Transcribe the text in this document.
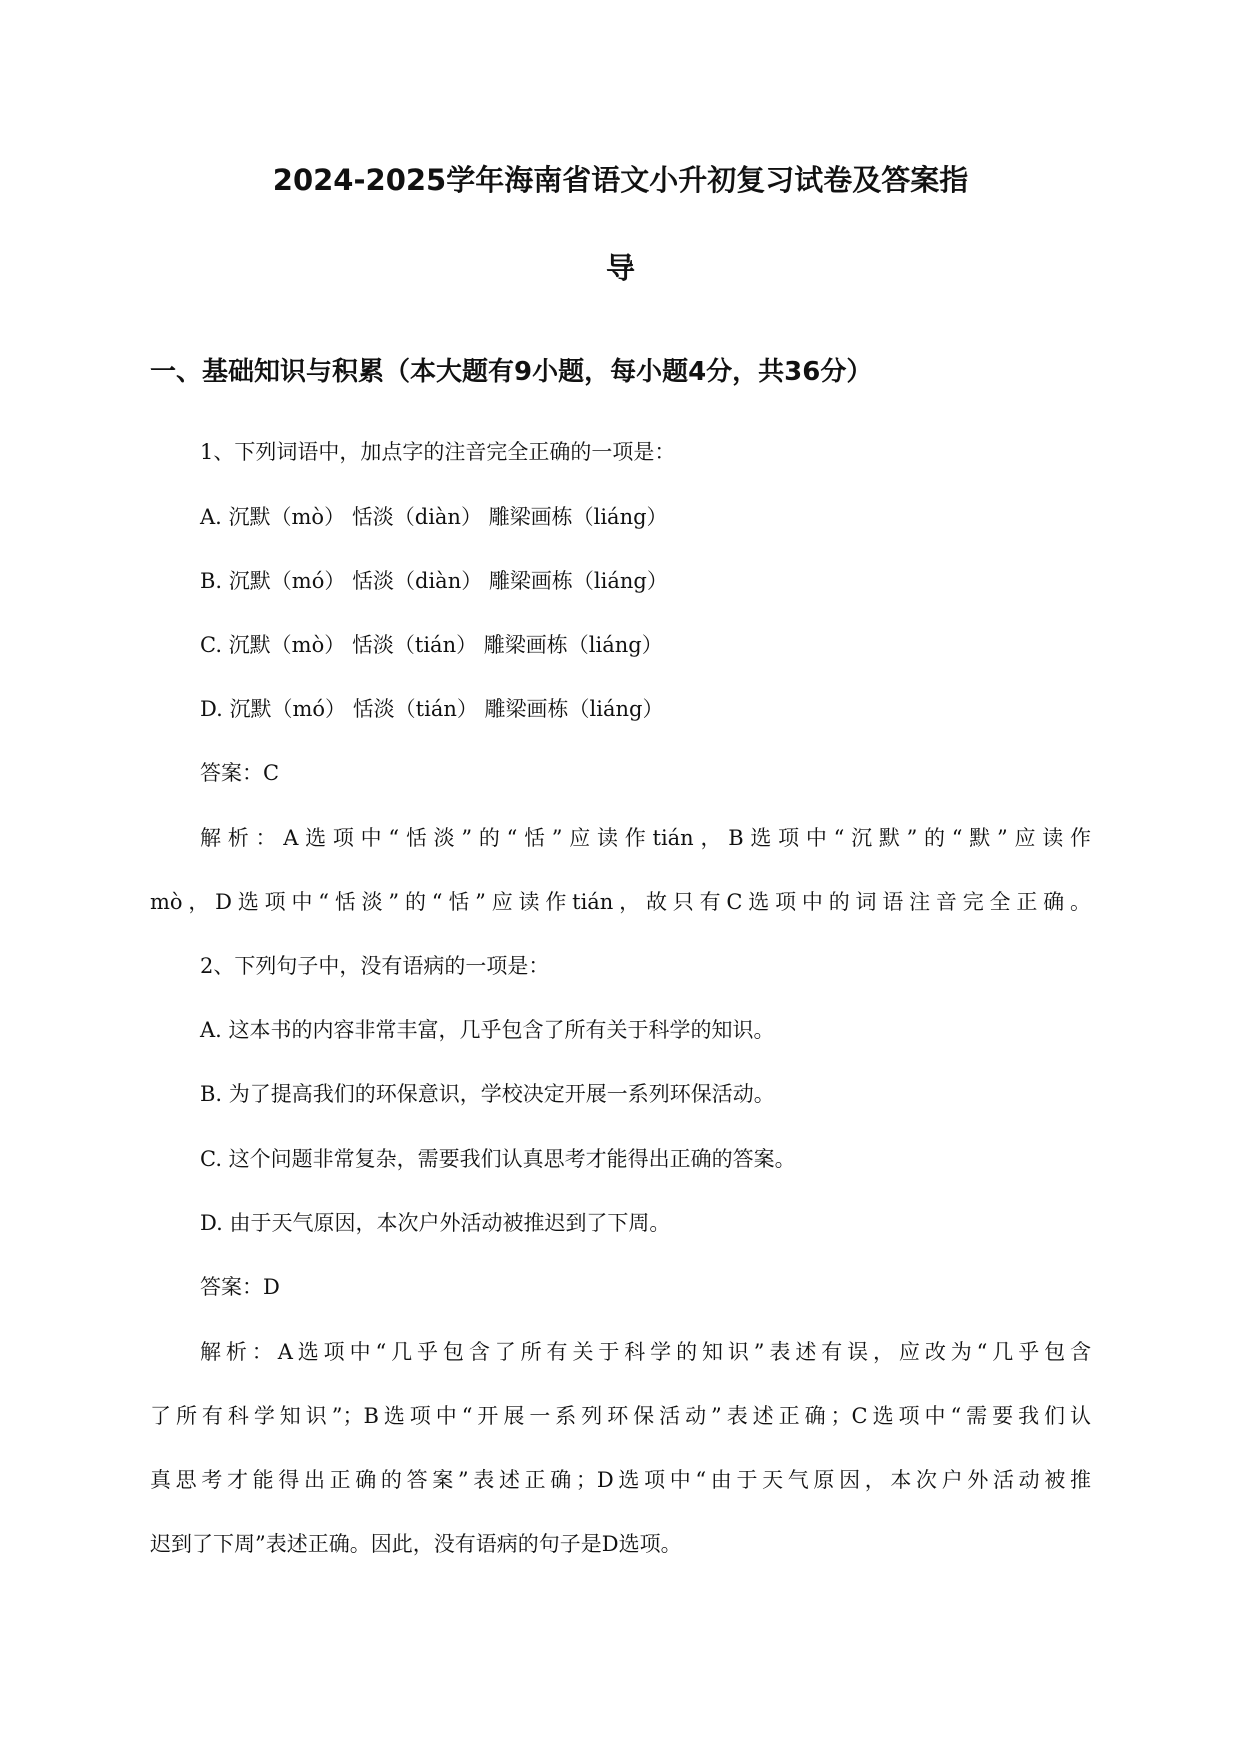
2024-2025学年海南省语文小升初复习试卷及答案指
导
一、基础知识与积累（本大题有9小题，每小题4分，共36分）

1、下列词语中，加点字的注音完全正确的一项是：

A. 沉默（mò） 恬淡（diàn） 雕梁画栋（liáng）

B. 沉默（mó） 恬淡（diàn） 雕梁画栋（liáng）

C. 沉默（mò） 恬淡（tián） 雕梁画栋（liáng）

D. 沉默（mó） 恬淡（tián） 雕梁画栋（liáng）

答案：C

解析：A选项中“恬淡”的“恬”应读作tián，B选项中“沉默”的“默”应读作

mò，D选项中“恬淡”的“恬”应读作tián，故只有C选项中的词语注音完全正确。

2、下列句子中，没有语病的一项是：

A. 这本书的内容非常丰富，几乎包含了所有关于科学的知识。

B. 为了提高我们的环保意识，学校决定开展一系列环保活动。

C. 这个问题非常复杂，需要我们认真思考才能得出正确的答案。

D. 由于天气原因，本次户外活动被推迟到了下周。

答案：D

解析：A选项中“几乎包含了所有关于科学的知识”表述有误，应改为“几乎包含

了所有科学知识”；B选项中“开展一系列环保活动”表述正确；C选项中“需要我们认

真思考才能得出正确的答案”表述正确；D选项中“由于天气原因，本次户外活动被推

迟到了下周”表述正确。因此，没有语病的句子是D选项。
